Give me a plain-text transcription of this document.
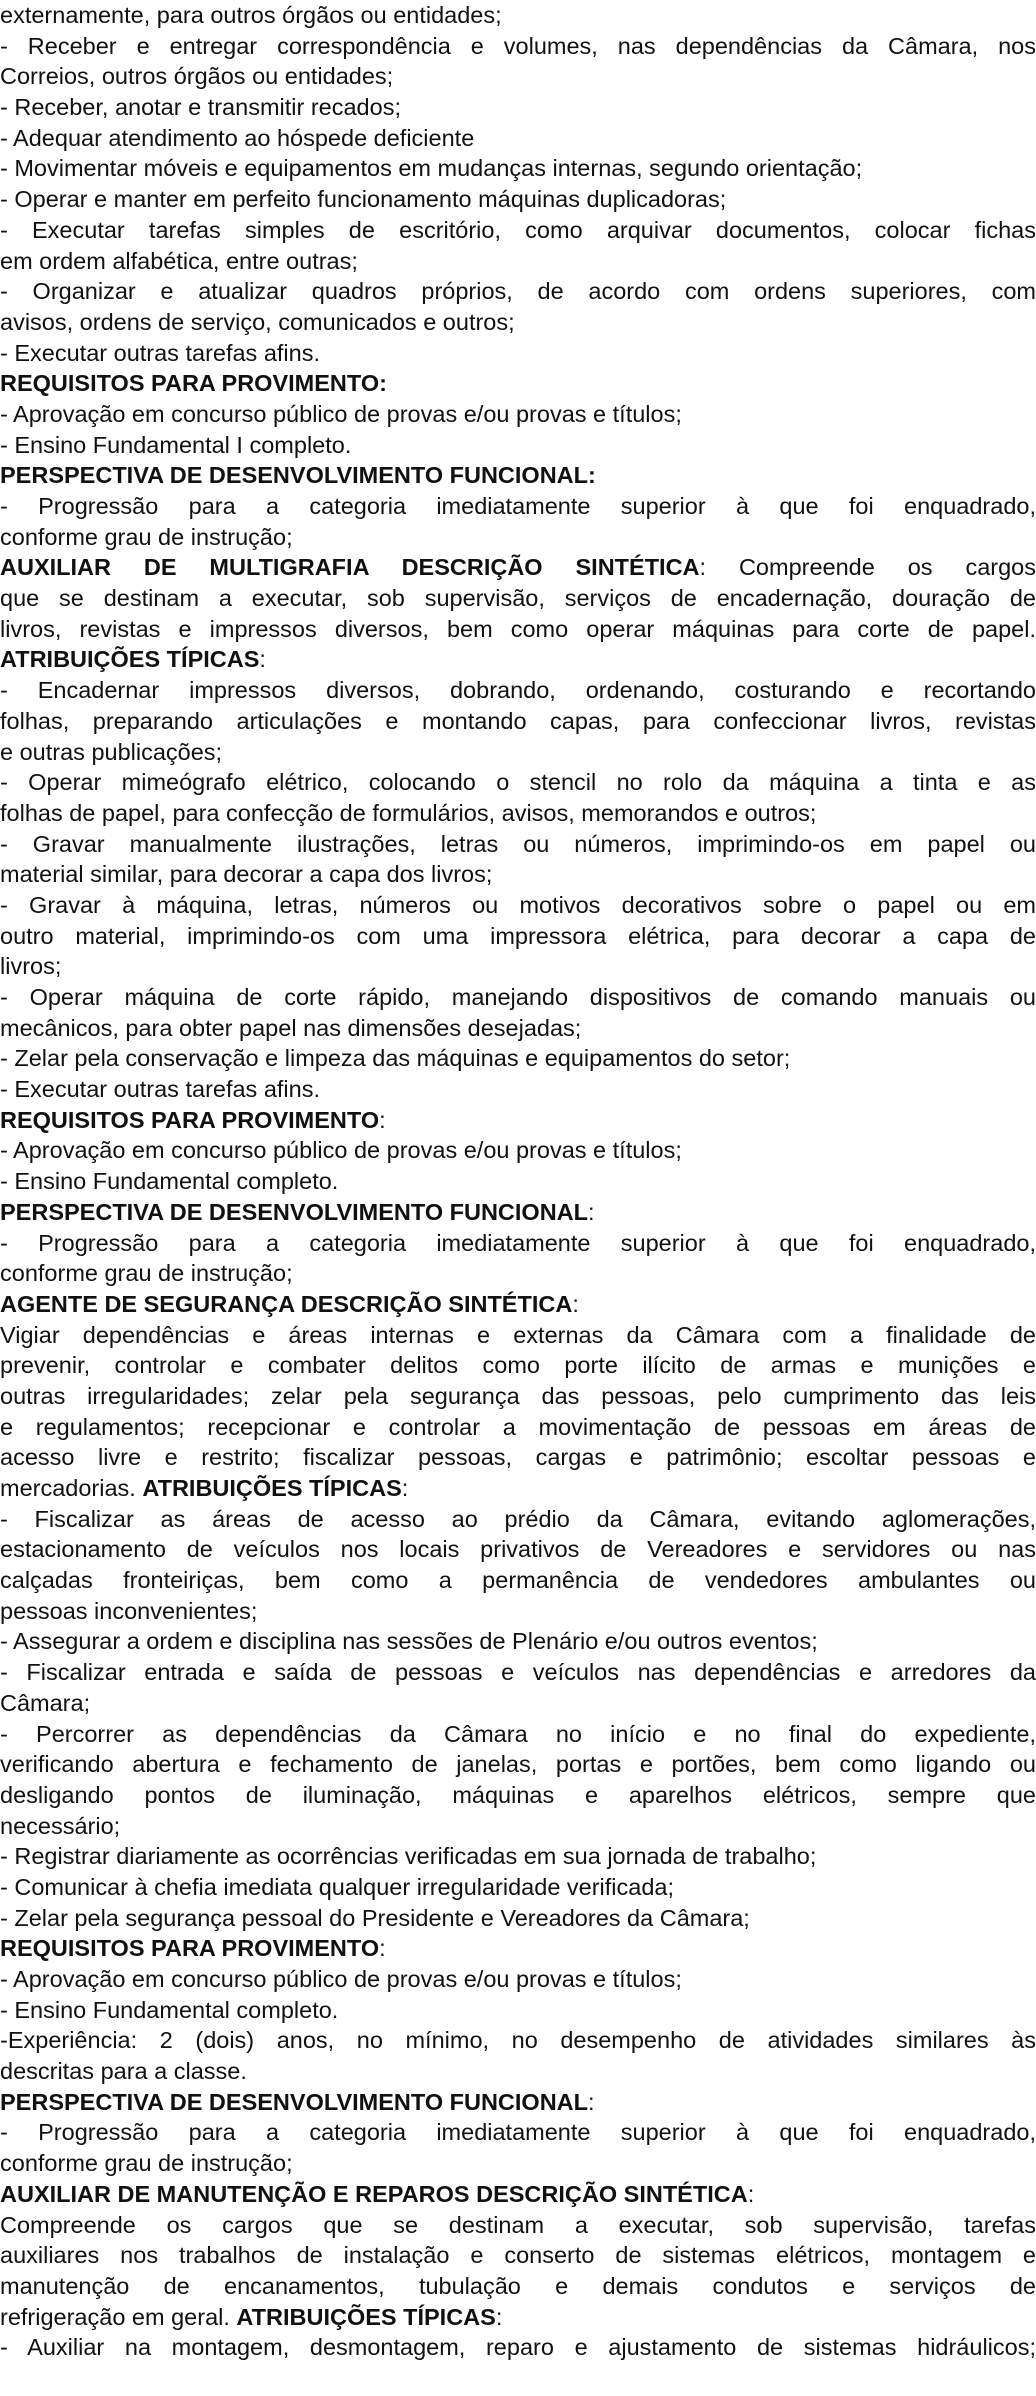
externamente, para outros órgãos ou entidades;
- Receber e entregar correspondência e volumes, nas dependências da Câmara, nos
Correios, outros órgãos ou entidades;
- Receber, anotar e transmitir recados;
- Adequar atendimento ao hóspede deficiente
- Movimentar móveis e equipamentos em mudanças internas, segundo orientação;
- Operar e manter em perfeito funcionamento máquinas duplicadoras;
- Executar tarefas simples de escritório, como arquivar documentos, colocar fichas
em ordem alfabética, entre outras;
- Organizar e atualizar quadros próprios, de acordo com ordens superiores, com
avisos, ordens de serviço, comunicados e outros;
- Executar outras tarefas afins.
REQUISITOS PARA PROVIMENTO:
- Aprovação em concurso público de provas e/ou provas e títulos;
- Ensino Fundamental I completo.
PERSPECTIVA DE DESENVOLVIMENTO FUNCIONAL:
- Progressão para a categoria imediatamente superior à que foi enquadrado,
conforme grau de instrução;
AUXILIAR DE MULTIGRAFIA DESCRIÇÃO SINTÉTICA: Compreende os cargos
que se destinam a executar, sob supervisão, serviços de encadernação, douração de
livros, revistas e impressos diversos, bem como operar máquinas para corte de papel.
ATRIBUIÇÕES TÍPICAS:
- Encadernar impressos diversos, dobrando, ordenando, costurando e recortando
folhas, preparando articulações e montando capas, para confeccionar livros, revistas
e outras publicações;
- Operar mimeógrafo elétrico, colocando o stencil no rolo da máquina a tinta e as
folhas de papel, para confecção de formulários, avisos, memorandos e outros;
- Gravar manualmente ilustrações, letras ou números, imprimindo-os em papel ou
material similar, para decorar a capa dos livros;
- Gravar à máquina, letras, números ou motivos decorativos sobre o papel ou em
outro material, imprimindo-os com uma impressora elétrica, para decorar a capa de
livros;
- Operar máquina de corte rápido, manejando dispositivos de comando manuais ou
mecânicos, para obter papel nas dimensões desejadas;
- Zelar pela conservação e limpeza das máquinas e equipamentos do setor;
- Executar outras tarefas afins.
REQUISITOS PARA PROVIMENTO:
- Aprovação em concurso público de provas e/ou provas e títulos;
- Ensino Fundamental completo.
PERSPECTIVA DE DESENVOLVIMENTO FUNCIONAL:
- Progressão para a categoria imediatamente superior à que foi enquadrado,
conforme grau de instrução;
AGENTE DE SEGURANÇA DESCRIÇÃO SINTÉTICA:
Vigiar dependências e áreas internas e externas da Câmara com a finalidade de
prevenir, controlar e combater delitos como porte ilícito de armas e munições e
outras irregularidades; zelar pela segurança das pessoas, pelo cumprimento das leis
e regulamentos; recepcionar e controlar a movimentação de pessoas em áreas de
acesso livre e restrito; fiscalizar pessoas, cargas e patrimônio; escoltar pessoas e
mercadorias. ATRIBUIÇÕES TÍPICAS:
- Fiscalizar as áreas de acesso ao prédio da Câmara, evitando aglomerações,
estacionamento de veículos nos locais privativos de Vereadores e servidores ou nas
calçadas fronteiriças, bem como a permanência de vendedores ambulantes ou
pessoas inconvenientes;
- Assegurar a ordem e disciplina nas sessões de Plenário e/ou outros eventos;
- Fiscalizar entrada e saída de pessoas e veículos nas dependências e arredores da
Câmara;
- Percorrer as dependências da Câmara no início e no final do expediente,
verificando abertura e fechamento de janelas, portas e portões, bem como ligando ou
desligando pontos de iluminação, máquinas e aparelhos elétricos, sempre que
necessário;
- Registrar diariamente as ocorrências verificadas em sua jornada de trabalho;
- Comunicar à chefia imediata qualquer irregularidade verificada;
- Zelar pela segurança pessoal do Presidente e Vereadores da Câmara;
REQUISITOS PARA PROVIMENTO:
- Aprovação em concurso público de provas e/ou provas e títulos;
- Ensino Fundamental completo.
-Experiência: 2 (dois) anos, no mínimo, no desempenho de atividades similares às
descritas para a classe.
PERSPECTIVA DE DESENVOLVIMENTO FUNCIONAL:
- Progressão para a categoria imediatamente superior à que foi enquadrado,
conforme grau de instrução;
AUXILIAR DE MANUTENÇÃO E REPAROS DESCRIÇÃO SINTÉTICA:
Compreende os cargos que se destinam a executar, sob supervisão, tarefas
auxiliares nos trabalhos de instalação e conserto de sistemas elétricos, montagem e
manutenção de encanamentos, tubulação e demais condutos e serviços de
refrigeração em geral. ATRIBUIÇÕES TÍPICAS:
- Auxiliar na montagem, desmontagem, reparo e ajustamento de sistemas hidráulicos;
